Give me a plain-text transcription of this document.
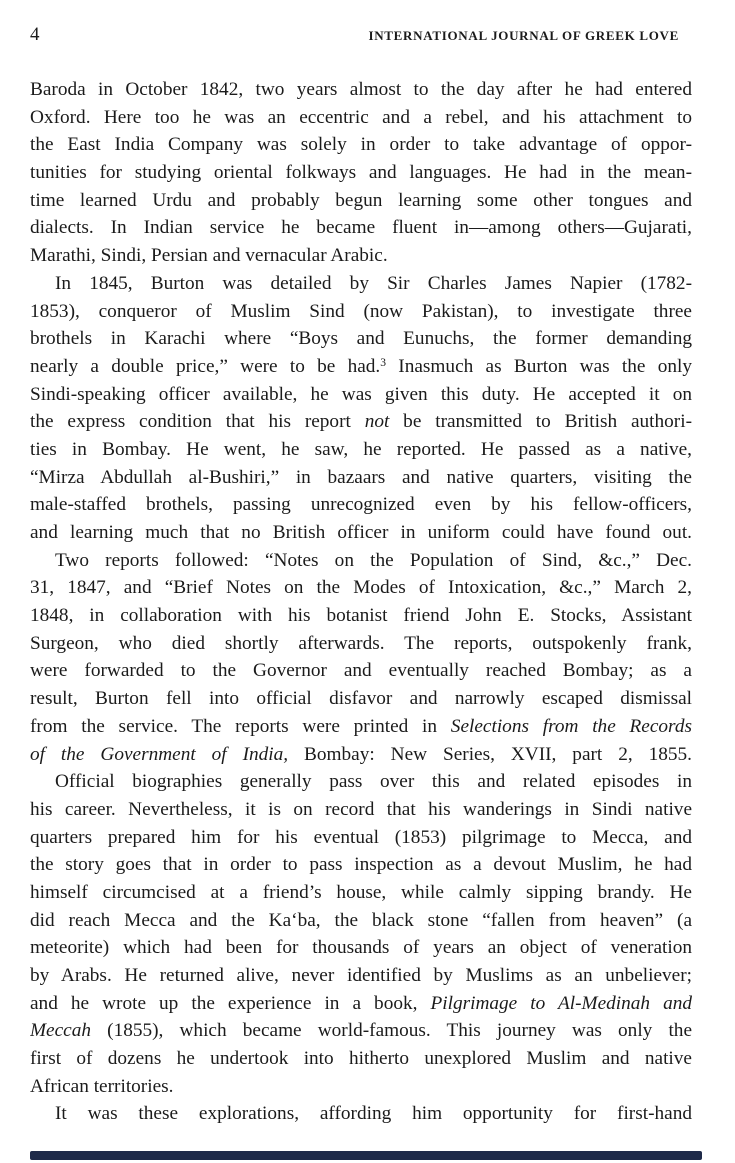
4	INTERNATIONAL JOURNAL OF GREEK LOVE
Baroda in October 1842, two years almost to the day after he had entered
Oxford. Here too he was an eccentric and a rebel, and his attachment to
the East India Company was solely in order to take advantage of oppor-
tunities for studying oriental folkways and languages. He had in the mean-
time learned Urdu and probably begun learning some other tongues and
dialects. In Indian service he became fluent in—among others—Gujarati,
Marathi, Sindi, Persian and vernacular Arabic.
In 1845, Burton was detailed by Sir Charles James Napier (1782-
1853), conqueror of Muslim Sind (now Pakistan), to investigate three
brothels in Karachi where “Boys and Eunuchs, the former demanding
nearly a double price,” were to be had.$^3$ Inasmuch as Burton was the only
Sindi-speaking officer available, he was given this duty. He accepted it on
the express condition that his report not be transmitted to British authori-
ties in Bombay. He went, he saw, he reported. He passed as a native,
“Mirza Abdullah al-Bushiri,” in bazaars and native quarters, visiting the
male-staffed brothels, passing unrecognized even by his fellow-officers,
and learning much that no British officer in uniform could have found out.
Two reports followed: “Notes on the Population of Sind, &c.,” Dec.
31, 1847, and “Brief Notes on the Modes of Intoxication, &c.,” March 2,
1848, in collaboration with his botanist friend John E. Stocks, Assistant
Surgeon, who died shortly afterwards. The reports, outspokenly frank,
were forwarded to the Governor and eventually reached Bombay; as a
result, Burton fell into official disfavor and narrowly escaped dismissal
from the service. The reports were printed in Selections from the Records
of the Government of India, Bombay: New Series, XVII, part 2, 1855.
Official biographies generally pass over this and related episodes in
his career. Nevertheless, it is on record that his wanderings in Sindi native
quarters prepared him for his eventual (1853) pilgrimage to Mecca, and
the story goes that in order to pass inspection as a devout Muslim, he had
himself circumcised at a friend’s house, while calmly sipping brandy. He
did reach Mecca and the Ka‘ba, the black stone “fallen from heaven” (a
meteorite) which had been for thousands of years an object of veneration
by Arabs. He returned alive, never identified by Muslims as an unbeliever;
and he wrote up the experience in a book, Pilgrimage to Al-Medinah and
Meccah (1855), which became world-famous. This journey was only the
first of dozens he undertook into hitherto unexplored Muslim and native
African territories.
It was these explorations, affording him opportunity for first-hand
